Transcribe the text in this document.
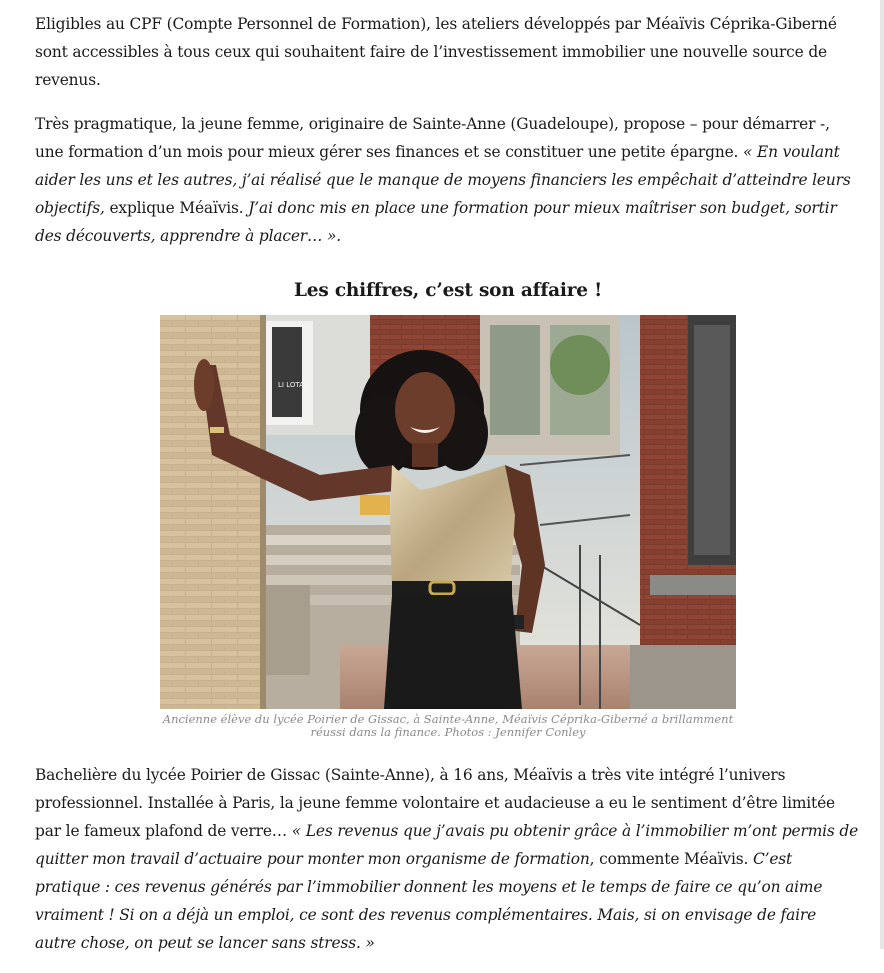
Eligibles au CPF (Compte Personnel de Formation), les ateliers développés par Méaïvis Céprika-Giberné sont accessibles à tous ceux qui souhaitent faire de l’investissement immobilier une nouvelle source de revenus.

Très pragmatique, la jeune femme, originaire de Sainte-Anne (Guadeloupe), propose – pour démarrer -, une formation d’un mois pour mieux gérer ses finances et se constituer une petite épargne. « En voulant aider les uns et les autres, j’ai réalisé que le manque de moyens financiers les empêchait d’atteindre leurs objectifs, explique Méaïvis. J’ai donc mis en place une formation pour mieux maîtriser son budget, sortir des découverts, apprendre à placer… ».

Les chiffres, c’est son affaire !
LI LOTAN
Ancienne élève du lycée Poirier de Gissac, à Sainte-Anne, Méaïvis Céprika-Giberné a brillamment réussi dans la finance. Photos : Jennifer Conley

Bachelière du lycée Poirier de Gissac (Sainte-Anne), à 16 ans, Méaïvis a très vite intégré l’univers professionnel. Installée à Paris, la jeune femme volontaire et audacieuse a eu le sentiment d’être limitée par le fameux plafond de verre… « Les revenus que j’avais pu obtenir grâce à l’immobilier m’ont permis de quitter mon travail d’actuaire pour monter mon organisme de formation, commente Méaïvis. C’est pratique : ces revenus générés par l’immobilier donnent les moyens et le temps de faire ce qu’on aime vraiment ! Si on a déjà un emploi, ce sont des revenus complémentaires. Mais, si on envisage de faire autre chose, on peut se lancer sans stress. »
